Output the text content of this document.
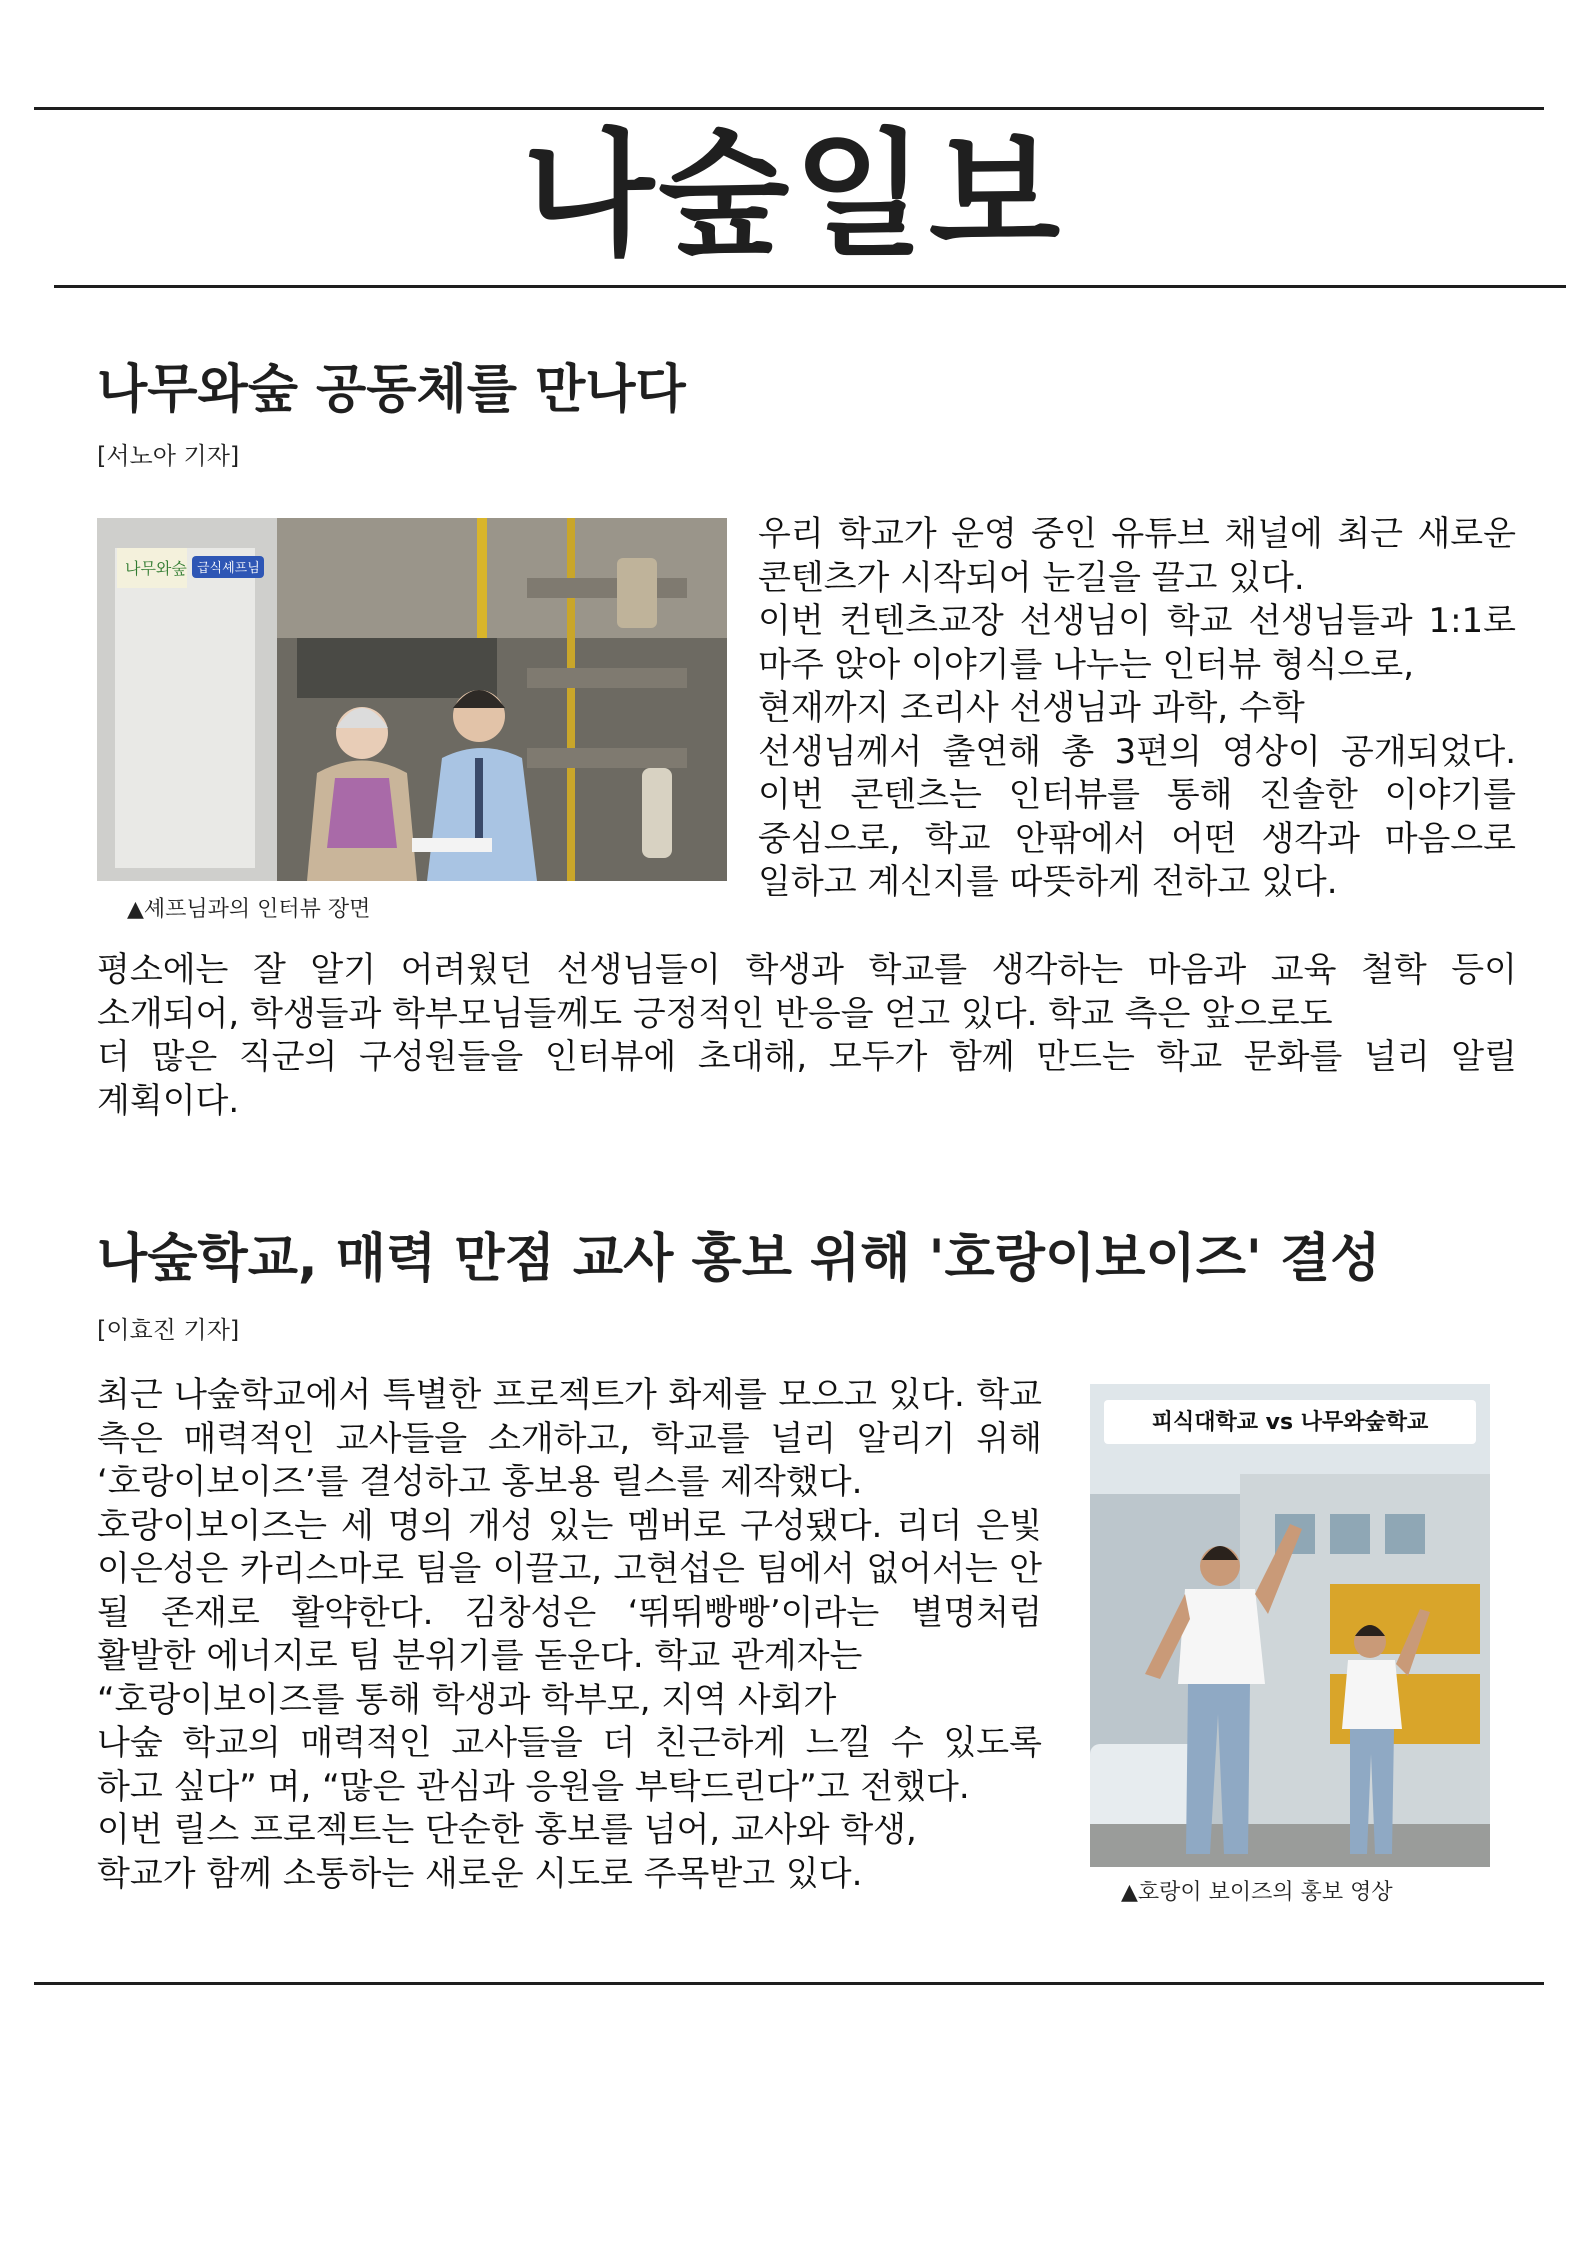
나숲일보
나무와숲 공동체를 만나다
[서노아 기자]
나무와숲 급식셰프님
▲셰프님과의 인터뷰 장면

우리 학교가 운영 중인 유튜브 채널에 최근 새로운 콘텐츠가 시작되어 눈길을 끌고 있다.

이번 컨텐츠교장 선생님이 학교 선생님들과 1:1로 마주 앉아 이야기를 나누는 인터뷰 형식으로,

현재까지 조리사 선생님과 과학, 수학

선생님께서 출연해 총 3편의 영상이 공개되었다. 이번 콘텐츠는 인터뷰를 통해 진솔한 이야기를 중심으로, 학교 안팎에서 어떤 생각과 마음으로 일하고 계신지를 따뜻하게 전하고 있다.

평소에는 잘 알기 어려웠던 선생님들이 학생과 학교를 생각하는 마음과 교육 철학 등이 소개되어, 학생들과 학부모님들께도 긍정적인 반응을 얻고 있다. 학교 측은 앞으로도

더 많은 직군의 구성원들을 인터뷰에 초대해, 모두가 함께 만드는 학교 문화를 널리 알릴 계획이다.

나숲학교, 매력 만점 교사 홍보 위해 '호랑이보이즈' 결성
[이효진 기자]

최근 나숲학교에서 특별한 프로젝트가 화제를 모으고 있다. 학교 측은 매력적인 교사들을 소개하고, 학교를 널리 알리기 위해 ‘호랑이보이즈’를 결성하고 홍보용 릴스를 제작했다.

호랑이보이즈는 세 명의 개성 있는 멤버로 구성됐다. 리더 은빛 이은성은 카리스마로 팀을 이끌고, 고현섭은 팀에서 없어서는 안 될 존재로 활약한다. 김창성은 ‘뛰뛰빵빵’이라는 별명처럼 활발한 에너지로 팀 분위기를 돋운다. 학교 관계자는

“호랑이보이즈를 통해 학생과 학부모, 지역 사회가

나숲 학교의 매력적인 교사들을 더 친근하게 느낄 수 있도록 하고 싶다” 며, “많은 관심과 응원을 부탁드린다”고 전했다.

이번 릴스 프로젝트는 단순한 홍보를 넘어, 교사와 학생,

학교가 함께 소통하는 새로운 시도로 주목받고 있다.

피식대학교 vs 나무와숲학교
▲호랑이 보이즈의 홍보 영상
